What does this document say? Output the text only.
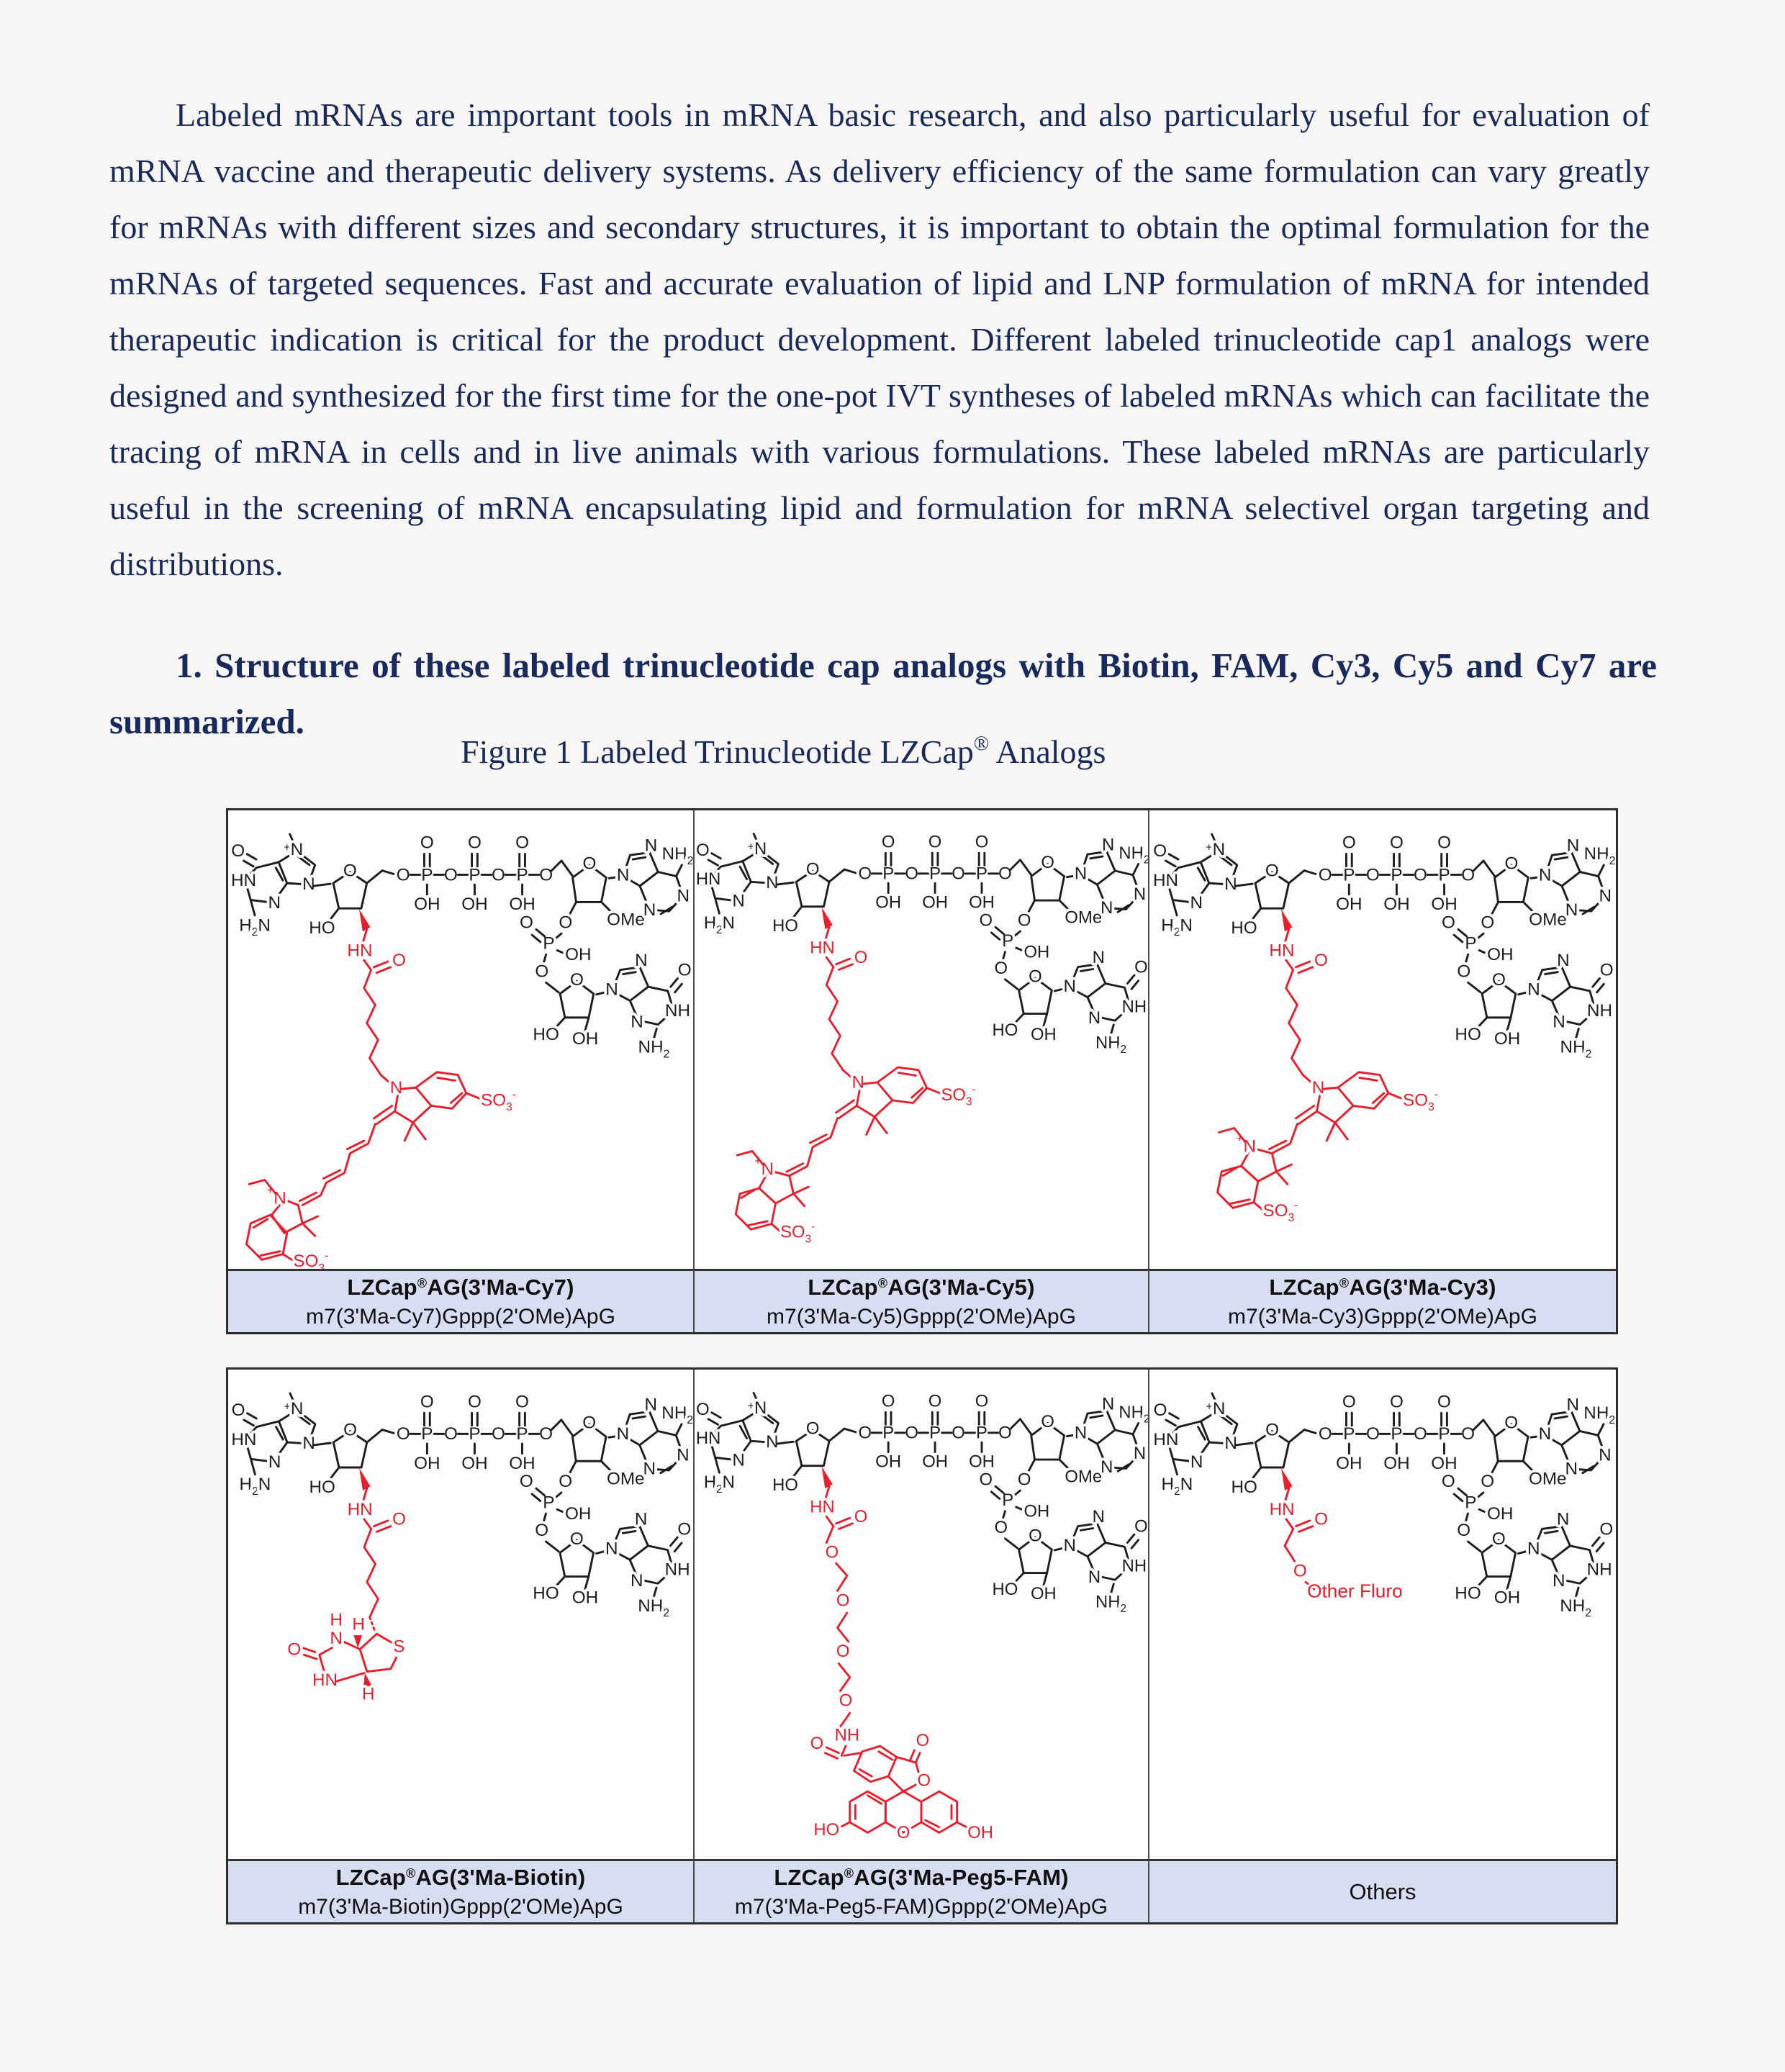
Labeled mRNAs are important tools in mRNA basic research, and also particularly useful for evaluation of mRNA vaccine and therapeutic delivery systems. As delivery efficiency of the same formulation can vary greatly for mRNAs with different sizes and secondary structures, it is important to obtain the optimal formulation for the mRNAs of targeted sequences. Fast and accurate evaluation of lipid and LNP formulation of mRNA for intended therapeutic indication is critical for the product development. Different labeled trinucleotide cap1 analogs were designed and synthesized for the first time for the one-pot IVT syntheses of labeled mRNAs which can facilitate the tracing of mRNA in cells and in live animals with various formulations. These labeled mRNAs are particularly useful in the screening of mRNA encapsulating lipid and formulation for mRNA selectivel organ targeting and distributions.

1. Structure of these labeled trinucleotide cap analogs with Biotin, FAM, Cy3, Cy5 and Cy7 are summarized.
Figure 1 Labeled Trinucleotide LZCap® Analogs
LZCap®AG(3'Ma-Cy7)
m7(3'Ma-Cy7)Gppp(2'OMe)ApG
LZCap®AG(3'Ma-Cy5)
m7(3'Ma-Cy5)Gppp(2'OMe)ApG
LZCap®AG(3'Ma-Cy3)
m7(3'Ma-Cy3)Gppp(2'OMe)ApG
LZCap®AG(3'Ma-Biotin)
m7(3'Ma-Biotin)Gppp(2'OMe)ApG
LZCap®AG(3'Ma-Peg5-FAM)
m7(3'Ma-Peg5-FAM)Gppp(2'OMe)ApG
Others
